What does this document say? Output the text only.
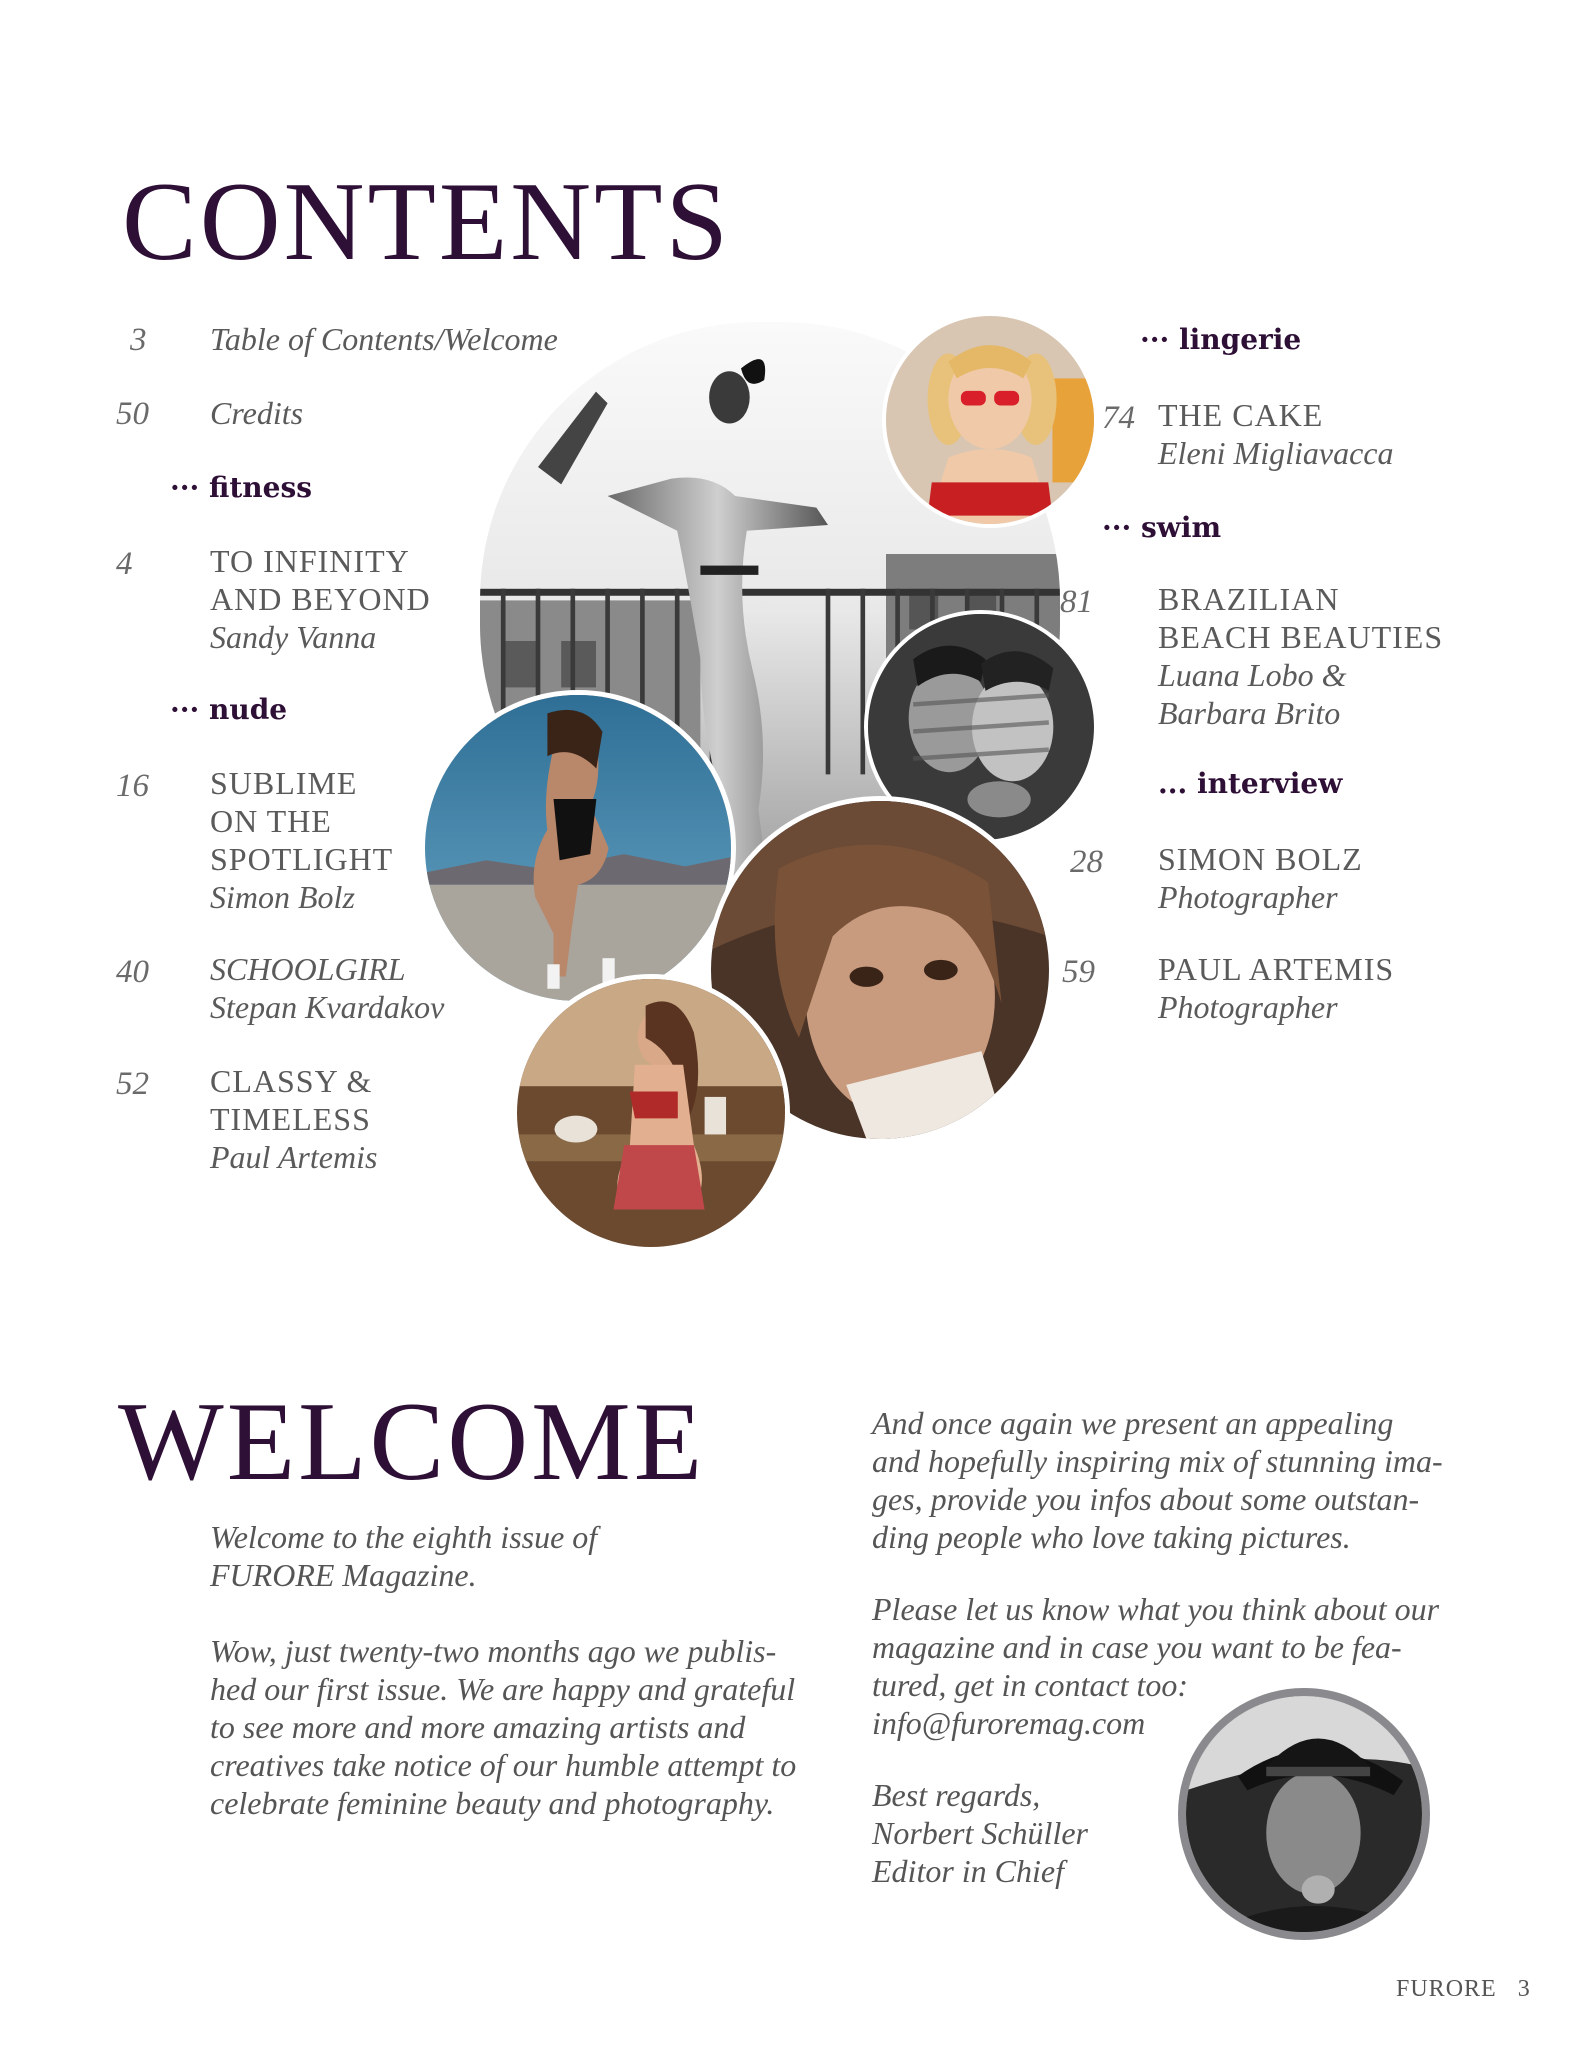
CONTENTS
3 Table of Contents/Welcome
50 Credits
··· fitness
4 TO INFINITY
AND BEYOND
Sandy Vanna
··· nude
16 SUBLIME
ON THE
SPOTLIGHT
Simon Bolz
40 SCHOOLGIRL
Stepan Kvardakov
52 CLASSY &
TIMELESS
Paul Artemis
··· lingerie
74 THE CAKE
Eleni Migliavacca
··· swim
81 BRAZILIAN
BEACH BEAUTIES
Luana Lobo &
Barbara Brito
... interview
28 SIMON BOLZ
Photographer
59 PAUL ARTEMIS
Photographer
WELCOME
Welcome to the eighth issue of
FURORE Magazine.
Wow, just twenty-two months ago we publis-
hed our first issue. We are happy and grateful
to see more and more amazing artists and
creatives take notice of our humble attempt to
celebrate feminine beauty and photography.
And once again we present an appealing
and hopefully inspiring mix of stunning ima-
ges, provide you infos about some outstan-
ding people who love taking pictures.
Please let us know what you think about our
magazine and in case you want to be fea-
tured, get in contact too:
info@furoremag.com
Best regards,
Norbert Schüller
Editor in Chief
FURORE 3
